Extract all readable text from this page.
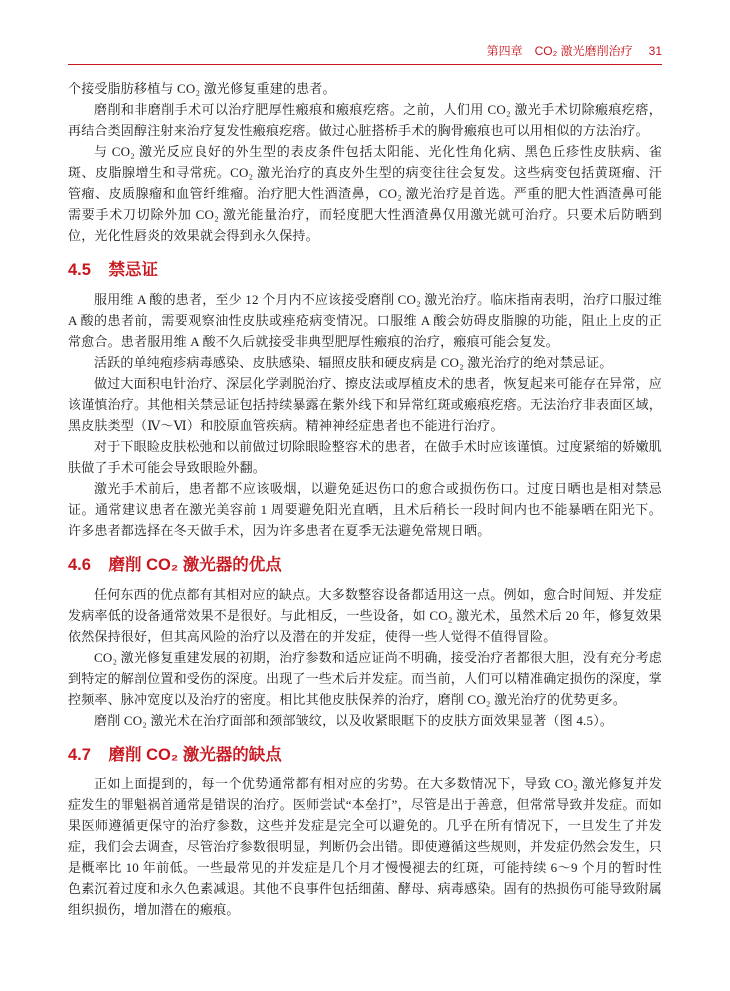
第四章 CO₂ 激光磨削治疗 31

个接受脂肪移植与 CO₂ 激光修复重建的患者。

磨削和非磨削手术可以治疗肥厚性瘢痕和瘢痕疙瘩。之前，人们用 CO₂ 激光手术切除瘢痕疙瘩，再结合类固醇注射来治疗复发性瘢痕疙瘩。做过心脏搭桥手术的胸骨瘢痕也可以用相似的方法治疗。

与 CO₂ 激光反应良好的外生型的表皮条件包括太阳能、光化性角化病、黑色丘疹性皮肤病、雀斑、皮脂腺增生和寻常疣。CO₂ 激光治疗的真皮外生型的病变往往会复发。这些病变包括黄斑瘤、汗管瘤、皮质腺瘤和血管纤维瘤。治疗肥大性酒渣鼻，CO₂ 激光治疗是首选。严重的肥大性酒渣鼻可能需要手术刀切除外加 CO₂ 激光能量治疗，而轻度肥大性酒渣鼻仅用激光就可治疗。只要术后防晒到位，光化性唇炎的效果就会得到永久保持。

4.5 禁忌证

服用维 A 酸的患者，至少 12 个月内不应该接受磨削 CO₂ 激光治疗。临床指南表明，治疗口服过维 A 酸的患者前，需要观察油性皮肤或痤疮病变情况。口服维 A 酸会妨碍皮脂腺的功能，阻止上皮的正常愈合。患者服用维 A 酸不久后就接受非典型肥厚性瘢痕的治疗，瘢痕可能会复发。

活跃的单纯疱疹病毒感染、皮肤感染、辐照皮肤和硬皮病是 CO₂ 激光治疗的绝对禁忌证。

做过大面积电针治疗、深层化学剥脱治疗、擦皮法或厚植皮术的患者，恢复起来可能存在异常，应该谨慎治疗。其他相关禁忌证包括持续暴露在紫外线下和异常红斑或瘢痕疙瘩。无法治疗非表面区域，黑皮肤类型（Ⅳ～Ⅵ）和胶原血管疾病。精神神经症患者也不能进行治疗。

对于下眼睑皮肤松弛和以前做过切除眼睑整容术的患者，在做手术时应该谨慎。过度紧缩的娇嫩肌肤做了手术可能会导致眼睑外翻。

激光手术前后，患者都不应该吸烟，以避免延迟伤口的愈合或损伤伤口。过度日晒也是相对禁忌证。通常建议患者在激光美容前 1 周要避免阳光直晒，且术后稍长一段时间内也不能暴晒在阳光下。许多患者都选择在冬天做手术，因为许多患者在夏季无法避免常规日晒。

4.6 磨削 CO₂ 激光器的优点

任何东西的优点都有其相对应的缺点。大多数整容设备都适用这一点。例如，愈合时间短、并发症发病率低的设备通常效果不是很好。与此相反，一些设备，如 CO₂ 激光术，虽然术后 20 年，修复效果依然保持很好，但其高风险的治疗以及潜在的并发症，使得一些人觉得不值得冒险。

CO₂ 激光修复重建发展的初期，治疗参数和适应证尚不明确，接受治疗者都很大胆，没有充分考虑到特定的解剖位置和受伤的深度。出现了一些术后并发症。而当前，人们可以精准确定损伤的深度，掌控频率、脉冲宽度以及治疗的密度。相比其他皮肤保养的治疗，磨削 CO₂ 激光治疗的优势更多。

磨削 CO₂ 激光术在治疗面部和颈部皱纹，以及收紧眼眶下的皮肤方面效果显著（图 4.5）。

4.7 磨削 CO₂ 激光器的缺点

正如上面提到的，每一个优势通常都有相对应的劣势。在大多数情况下，导致 CO₂ 激光修复并发症发生的罪魁祸首通常是错误的治疗。医师尝试“本垒打”，尽管是出于善意，但常常导致并发症。而如果医师遵循更保守的治疗参数，这些并发症是完全可以避免的。几乎在所有情况下，一旦发生了并发症，我们会去调查，尽管治疗参数很明显，判断仍会出错。即使遵循这些规则，并发症仍然会发生，只是概率比 10 年前低。一些最常见的并发症是几个月才慢慢褪去的红斑，可能持续 6～9 个月的暂时性色素沉着过度和永久色素减退。其他不良事件包括细菌、酵母、病毒感染。固有的热损伤可能导致附属组织损伤，增加潜在的瘢痕。
